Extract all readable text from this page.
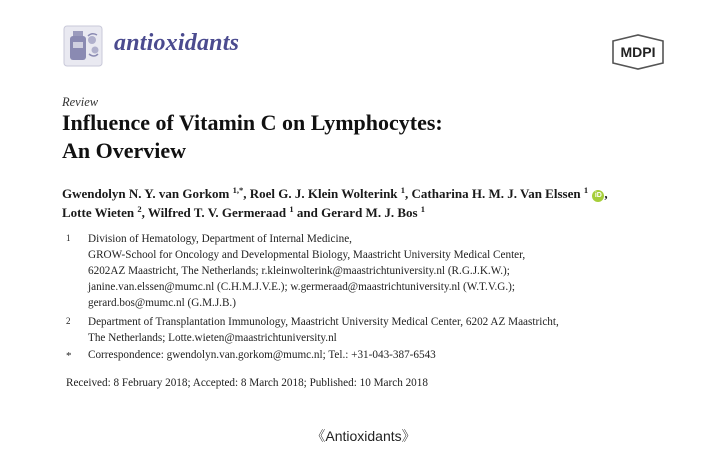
antioxidants	MDPI
Review
Influence of Vitamin C on Lymphocytes:
An Overview
Gwendolyn N. Y. van Gorkom $^{1,*}$, Roel G. J. Klein Wolterink $^1$, Catharina H. M. J. Van Elssen $^1$ iD ,
Lotte Wieten $^2$, Wilfred T. V. Germeraad $^1$ and Gerard M. J. Bos $^1$
1 Division of Hematology, Department of Internal Medicine,
GROW-School for Oncology and Developmental Biology, Maastricht University Medical Center,
6202AZ Maastricht, The Netherlands; r.kleinwolterink@maastrichtuniversity.nl (R.G.J.K.W.);
janine.van.elssen@mumc.nl (C.H.M.J.V.E.); w.germeraad@maastrichtuniversity.nl (W.T.V.G.);
gerard.bos@mumc.nl (G.M.J.B.)
2 Department of Transplantation Immunology, Maastricht University Medical Center, 6202 AZ Maastricht,
The Netherlands; Lotte.wieten@maastrichtuniversity.nl
* Correspondence: gwendolyn.van.gorkom@mumc.nl; Tel.: +31-043-387-6543
Received: 8 February 2018; Accepted: 8 March 2018; Published: 10 March 2018
《Antioxidants》
